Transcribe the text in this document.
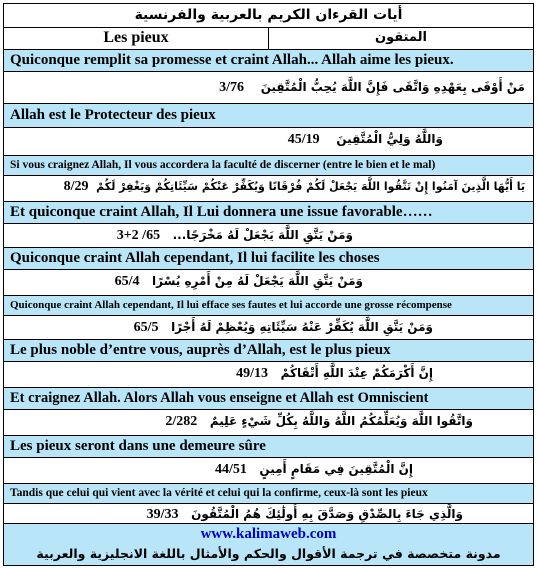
أيات القرءان الكريم بالعربية والفرنسية
Les pieux	المتقون
Quiconque remplit sa promesse et craint Allah... Allah aime les pieux.
مَنْ أَوْفَى بِعَهْدِهِ وَاتَّقَى فَإِنَّ اللَّهَ يُحِبُّ الْمُتَّقِينَ    3/76
Allah est le Protecteur des pieux
وَاللَّهُ وَلِيُّ الْمُتَّقِينَ    45/19
Si vous craignez Allah, Il vous accordera la faculté de discerner (entre le bien et le mal)
يَا أَيُّهَا الَّذِينَ آمَنُوا إِنْ تَتَّقُوا اللَّهَ يَجْعَلْ لَكُمْ فُرْقَانًا وَيُكَفِّرْ عَنْكُمْ سَيِّئَاتِكُمْ وَيَغْفِرْ لَكُمْ  8/29
Et quiconque craint Allah, Il Lui donnera une issue favorable……
وَمَنْ يَتَّقِ اللَّهَ يَجْعَلْ لَهُ مَخْرَجًا...   65/ 2+3
Quiconque craint Allah cependant, Il lui facilite les choses
وَمَنْ يَتَّقِ اللَّهَ يَجْعَلْ لَهُ مِنْ أَمْرِهِ يُسْرًا   65/4
Quiconque craint Allah cependant, Il lui efface ses fautes et lui accorde une grosse récompense
وَمَنْ يَتَّقِ اللَّهَ يُكَفِّرْ عَنْهُ سَيِّئَاتِهِ وَيُعْظِمْ لَهُ أَجْرًا   65/5
Le plus noble d’entre vous, auprès d’Allah, est le plus pieux
إِنَّ أَكْرَمَكُمْ عِنْدَ اللَّهِ أَتْقَاكُمْ   49/13
Et craignez Allah. Alors Allah vous enseigne et Allah est Omniscient
وَاتَّقُوا اللَّهَ وَيُعَلِّمُكُمُ اللَّهُ وَاللَّهُ بِكُلِّ شَيْءٍ عَلِيمٌ   2/282
Les pieux seront dans une demeure sûre
إِنَّ الْمُتَّقِينَ فِي مَقَامٍ أَمِينٍ   44/51
Tandis que celui qui vient avec la vérité et celui qui la confirme, ceux-là sont les pieux
وَالَّذِي جَاءَ بِالصِّدْقِ وَصَدَّقَ بِهِ أُولَٰئِكَ هُمُ الْمُتَّقُونَ   39/33
www.kalimaweb.com
مدونة متخصصة في ترجمة الأقوال والحكم والأمثال باللغة الانجليزية والعربية
